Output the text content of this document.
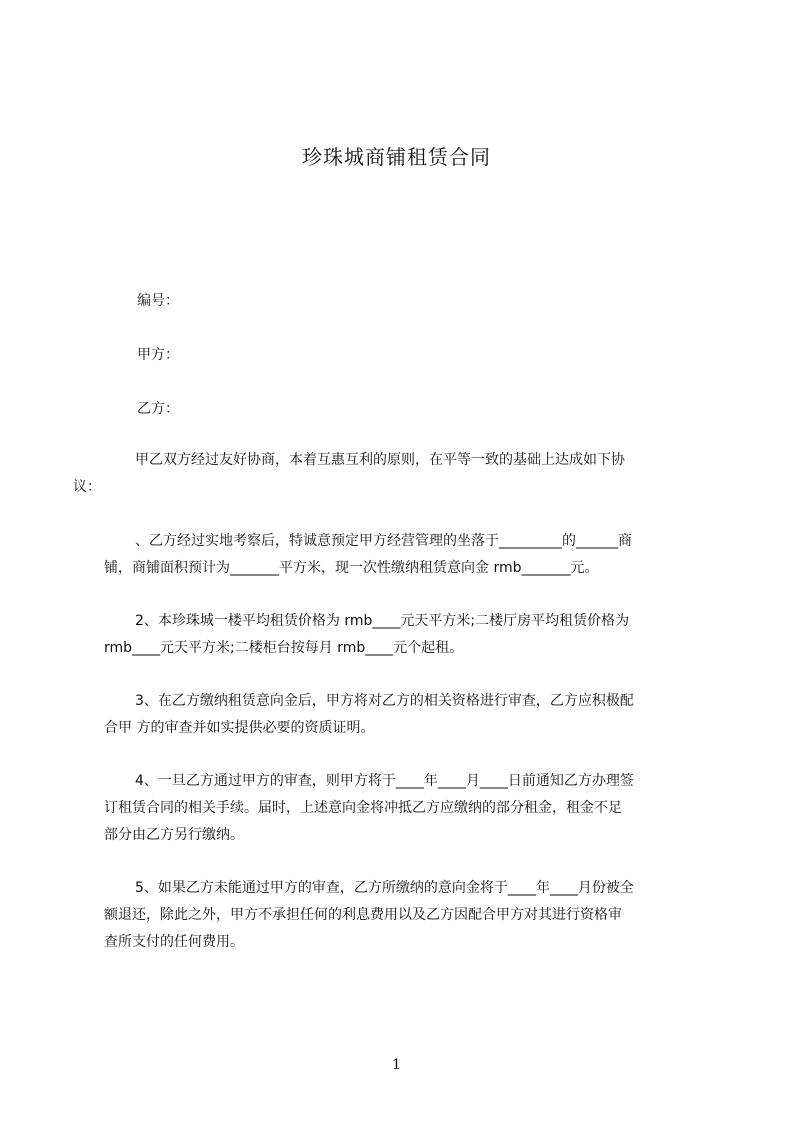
珍珠城商铺租赁合同
编号：
甲方：
乙方：

甲乙双方经过友好协商，本着互惠互利的原则，在平等一致的基础上达成如下协
议：

、乙方经过实地考察后，特诚意预定甲方经营管理的坐落于_________的______商
铺，商铺面积预计为_______平方米，现一次性缴纳租赁意向金 rmb_______元。

2、本珍珠城一楼平均租赁价格为 rmb____元天平方米;二楼厅房平均租赁价格为
rmb____元天平方米;二楼柜台按每月 rmb____元个起租。

3、在乙方缴纳租赁意向金后，甲方将对乙方的相关资格进行审查，乙方应积极配
合甲 方的审查并如实提供必要的资质证明。

4、一旦乙方通过甲方的审查，则甲方将于____年____月____日前通知乙方办理签
订租赁合同的相关手续。届时，上述意向金将冲抵乙方应缴纳的部分租金，租金不足
部分由乙方另行缴纳。

5、如果乙方未能通过甲方的审查，乙方所缴纳的意向金将于____年____月份被全
额退还，除此之外，甲方不承担任何的利息费用以及乙方因配合甲方对其进行资格审
查所支付的任何费用。

1
